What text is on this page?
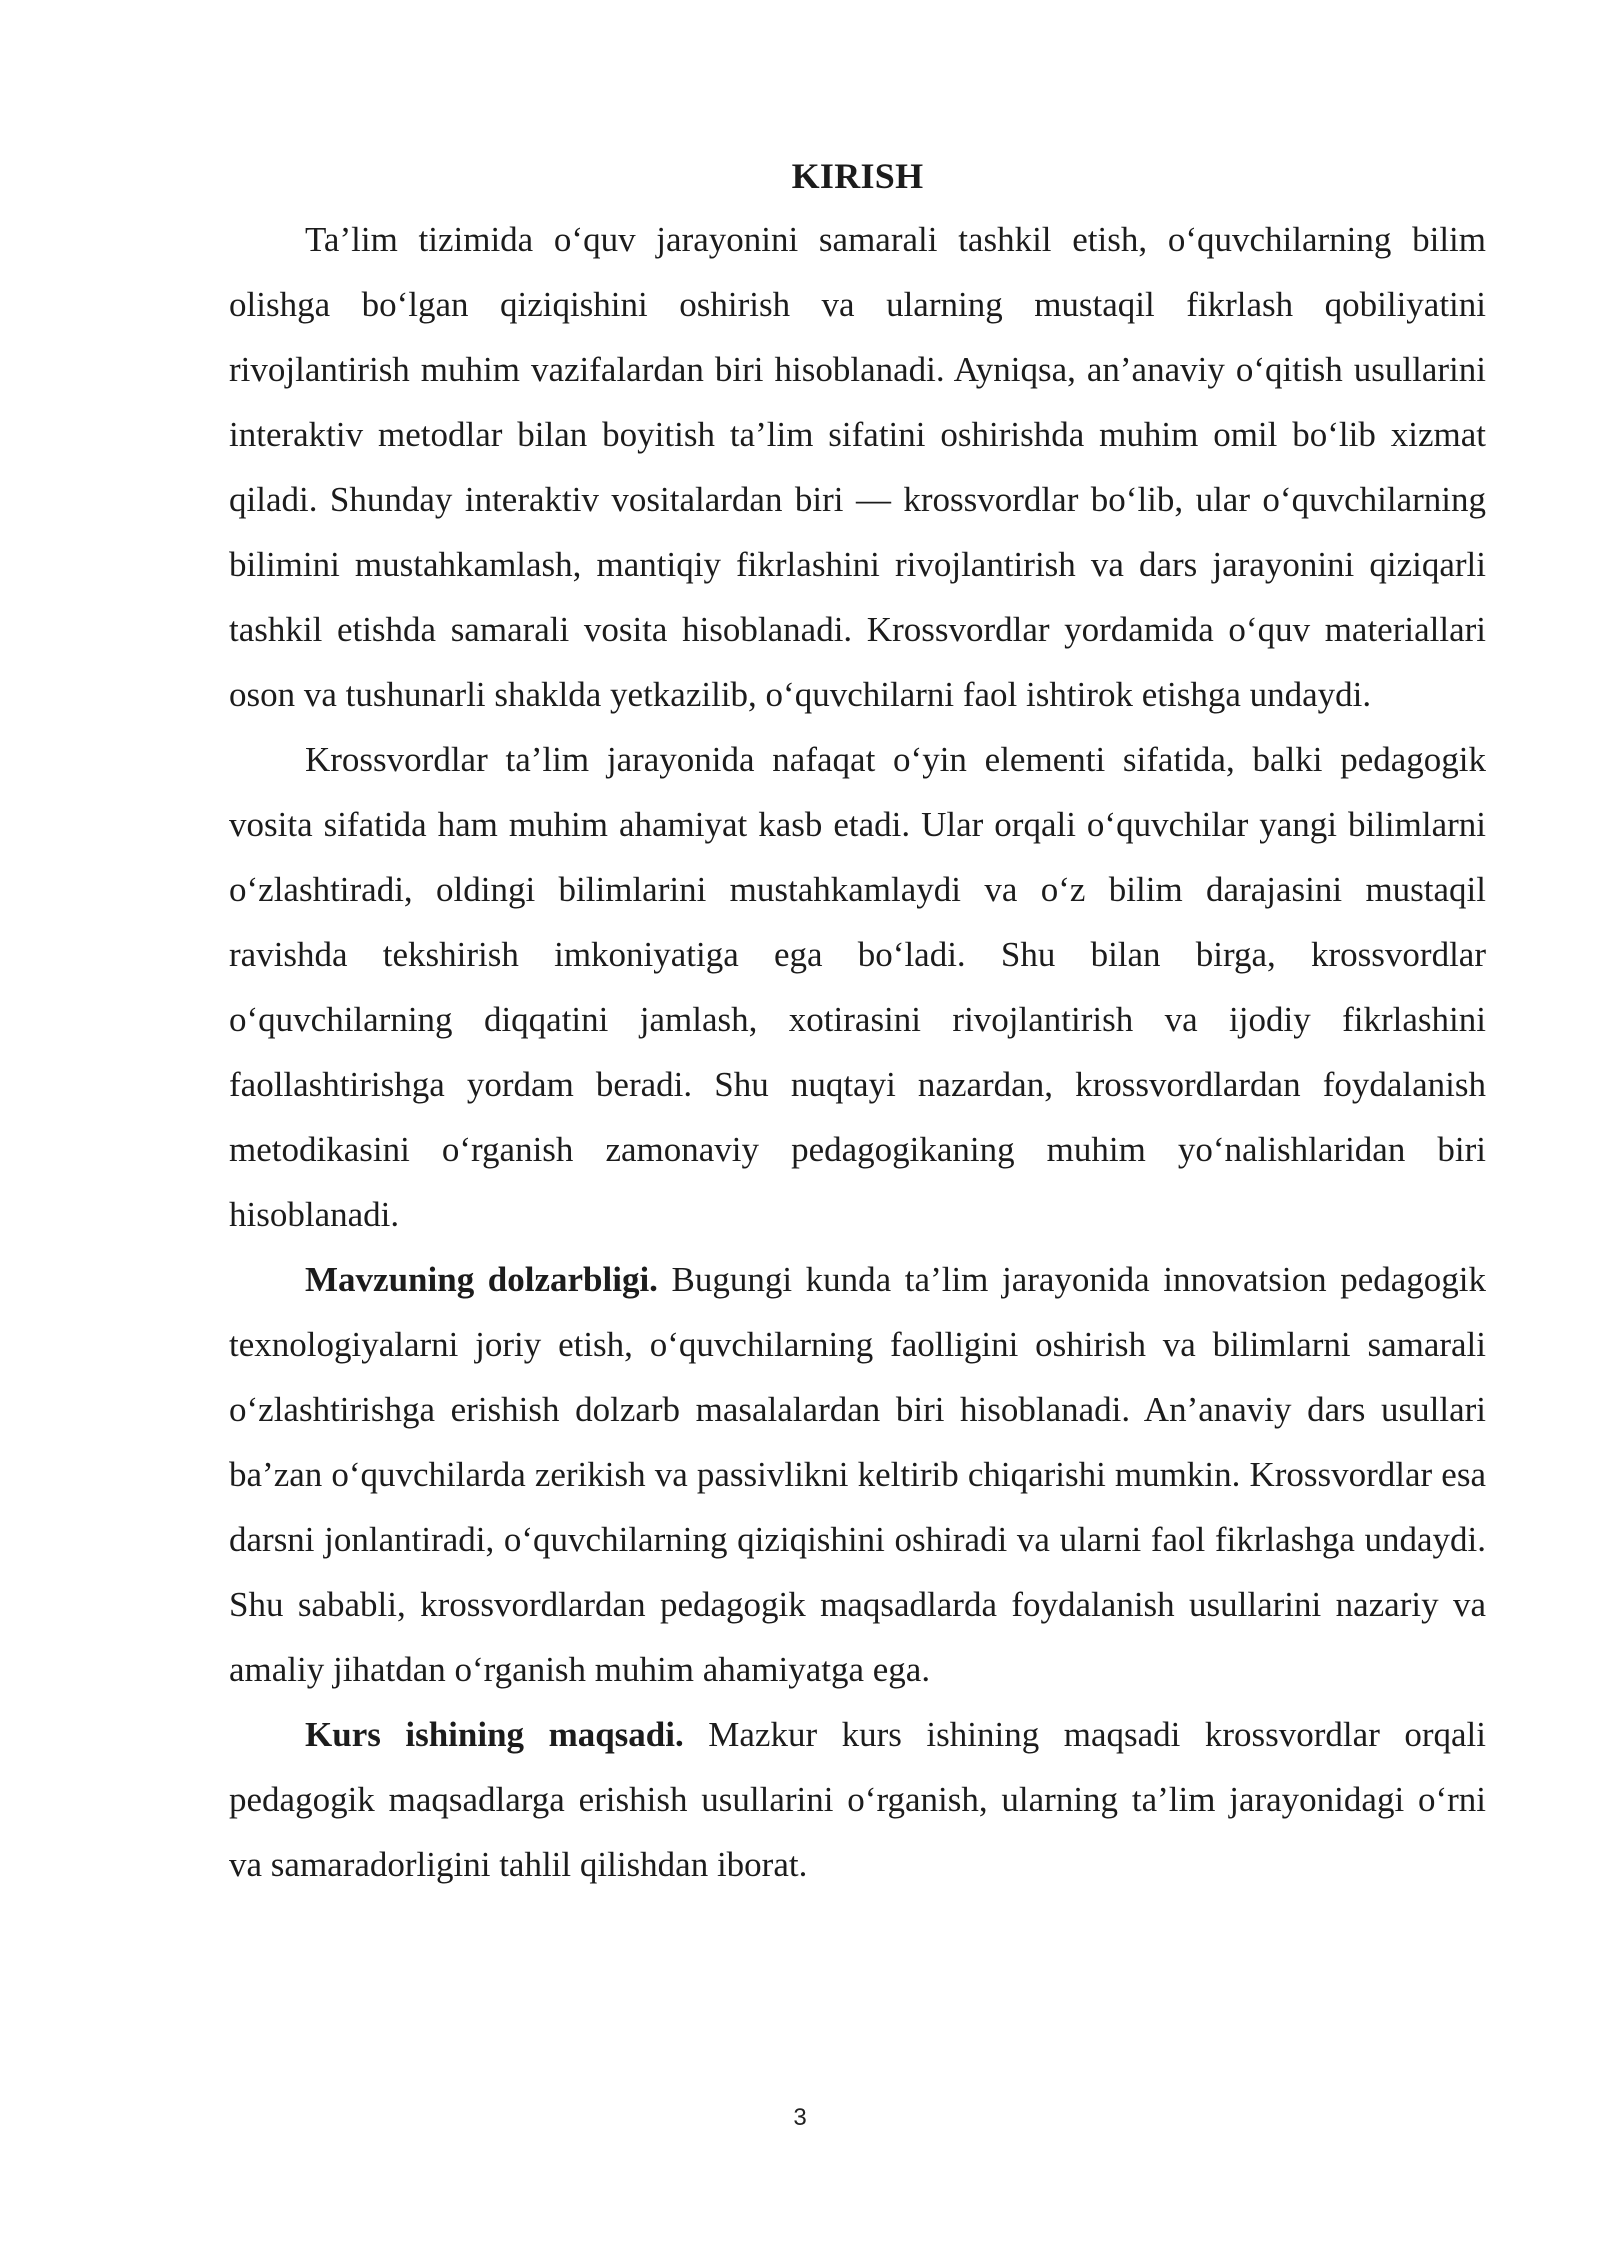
KIRISH

Ta’lim tizimida o‘quv jarayonini samarali tashkil etish, o‘quvchilarning bilim olishga bo‘lgan qiziqishini oshirish va ularning mustaqil fikrlash qobiliyatini rivojlantirish muhim vazifalardan biri hisoblanadi. Ayniqsa, an’anaviy o‘qitish usullarini interaktiv metodlar bilan boyitish ta’lim sifatini oshirishda muhim omil bo‘lib xizmat qiladi. Shunday interaktiv vositalardan biri — krossvordlar bo‘lib, ular o‘quvchilarning bilimini mustahkamlash, mantiqiy fikrlashini rivojlantirish va dars jarayonini qiziqarli tashkil etishda samarali vosita hisoblanadi. Krossvordlar yordamida o‘quv materiallari oson va tushunarli shaklda yetkazilib, o‘quvchilarni faol ishtirok etishga undaydi.

Krossvordlar ta’lim jarayonida nafaqat o‘yin elementi sifatida, balki pedagogik vosita sifatida ham muhim ahamiyat kasb etadi. Ular orqali o‘quvchilar yangi bilimlarni o‘zlashtiradi, oldingi bilimlarini mustahkamlaydi va o‘z bilim darajasini mustaqil ravishda tekshirish imkoniyatiga ega bo‘ladi. Shu bilan birga, krossvordlar o‘quvchilarning diqqatini jamlash, xotirasini rivojlantirish va ijodiy fikrlashini faollashtirishga yordam beradi. Shu nuqtayi nazardan, krossvordlardan foydalanish metodikasini o‘rganish zamonaviy pedagogikaning muhim yo‘nalishlaridan biri hisoblanadi.

Mavzuning dolzarbligi. Bugungi kunda ta’lim jarayonida innovatsion pedagogik texnologiyalarni joriy etish, o‘quvchilarning faolligini oshirish va bilimlarni samarali o‘zlashtirishga erishish dolzarb masalalardan biri hisoblanadi. An’anaviy dars usullari ba’zan o‘quvchilarda zerikish va passivlikni keltirib chiqarishi mumkin. Krossvordlar esa darsni jonlantiradi, o‘quvchilarning qiziqishini oshiradi va ularni faol fikrlashga undaydi. Shu sababli, krossvordlardan pedagogik maqsadlarda foydalanish usullarini nazariy va amaliy jihatdan o‘rganish muhim ahamiyatga ega.

Kurs ishining maqsadi. Mazkur kurs ishining maqsadi krossvordlar orqali pedagogik maqsadlarga erishish usullarini o‘rganish, ularning ta’lim jarayonidagi o‘rni va samaradorligini tahlil qilishdan iborat.

3
